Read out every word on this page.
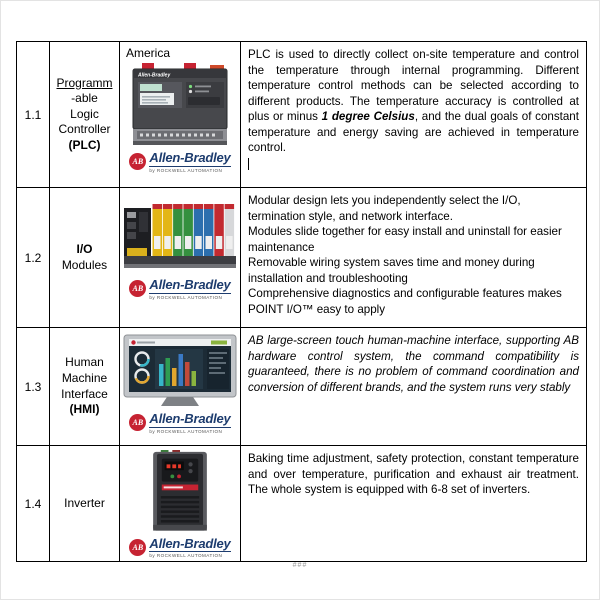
1.1
Programm
-able
Logic
Controller
(PLC)
America
Allen-Bradley
AB Allen-Bradley
by ROCKWELL AUTOMATION
PLC is used to directly collect on-site temperature and control the temperature through internal programming. Different temperature control methods can be selected according to different products. The temperature accuracy is controlled at plus or minus 1 degree Celsius, and the dual goals of constant temperature and energy saving are achieved in temperature control.
1.2
I/O
Modules
AB Allen-Bradley
by ROCKWELL AUTOMATION
Modular design lets you independently select the I/O, termination style, and network interface.
Modules slide together for easy install and uninstall for easier maintenance
Removable wiring system saves time and money during installation and troubleshooting
Comprehensive diagnostics and configurable features makes POINT I/O™ easy to apply
1.3
Human
Machine
Interface
(HMI)
AB Allen-Bradley
by ROCKWELL AUTOMATION
AB large-screen touch human-machine interface, supporting AB hardware control system, the command compatibility is guaranteed, there is no problem of command coordination and conversion of different brands, and the system runs very stably
1.4 Inverter
AB Allen-Bradley
by ROCKWELL AUTOMATION
Baking time adjustment, safety protection, constant temperature and over temperature, purification and exhaust air treatment. The whole system is equipped with 6-8 set of inverters.
###
